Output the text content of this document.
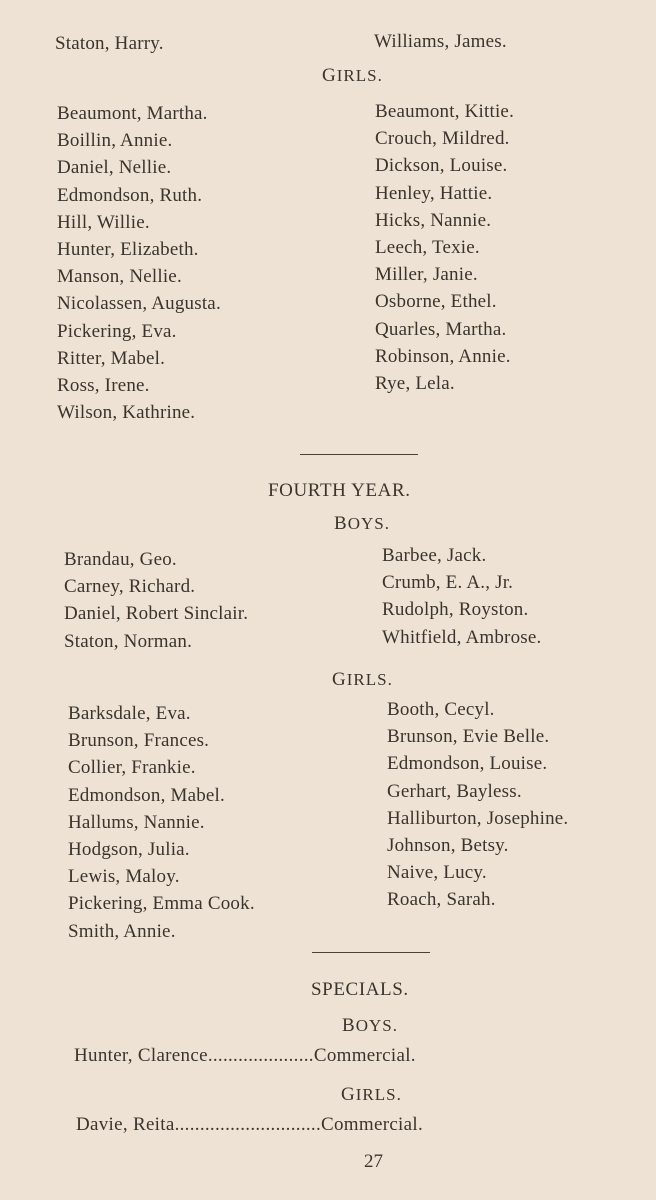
Staton, Harry.	Williams, James.
GIRLS.
Beaumont, Martha.
Boillin, Annie.
Daniel, Nellie.
Edmondson, Ruth.
Hill, Willie.
Hunter, Elizabeth.
Manson, Nellie.
Nicolassen, Augusta.
Pickering, Eva.
Ritter, Mabel.
Ross, Irene.
Wilson, Kathrine.
Beaumont, Kittie.
Crouch, Mildred.
Dickson, Louise.
Henley, Hattie.
Hicks, Nannie.
Leech, Texie.
Miller, Janie.
Osborne, Ethel.
Quarles, Martha.
Robinson, Annie.
Rye, Lela.
FOURTH YEAR.
BOYS.
Brandau, Geo.
Carney, Richard.
Daniel, Robert Sinclair.
Staton, Norman.
Barbee, Jack.
Crumb, E. A., Jr.
Rudolph, Royston.
Whitfield, Ambrose.
GIRLS.
Barksdale, Eva.
Brunson, Frances.
Collier, Frankie.
Edmondson, Mabel.
Hallums, Nannie.
Hodgson, Julia.
Lewis, Maloy.
Pickering, Emma Cook.
Smith, Annie.
Booth, Cecyl.
Brunson, Evie Belle.
Edmondson, Louise.
Gerhart, Bayless.
Halliburton, Josephine.
Johnson, Betsy.
Naive, Lucy.
Roach, Sarah.
SPECIALS.
BOYS.
Hunter, Clarence.....................Commercial.
GIRLS.
Davie, Reita.............................Commercial.
27
